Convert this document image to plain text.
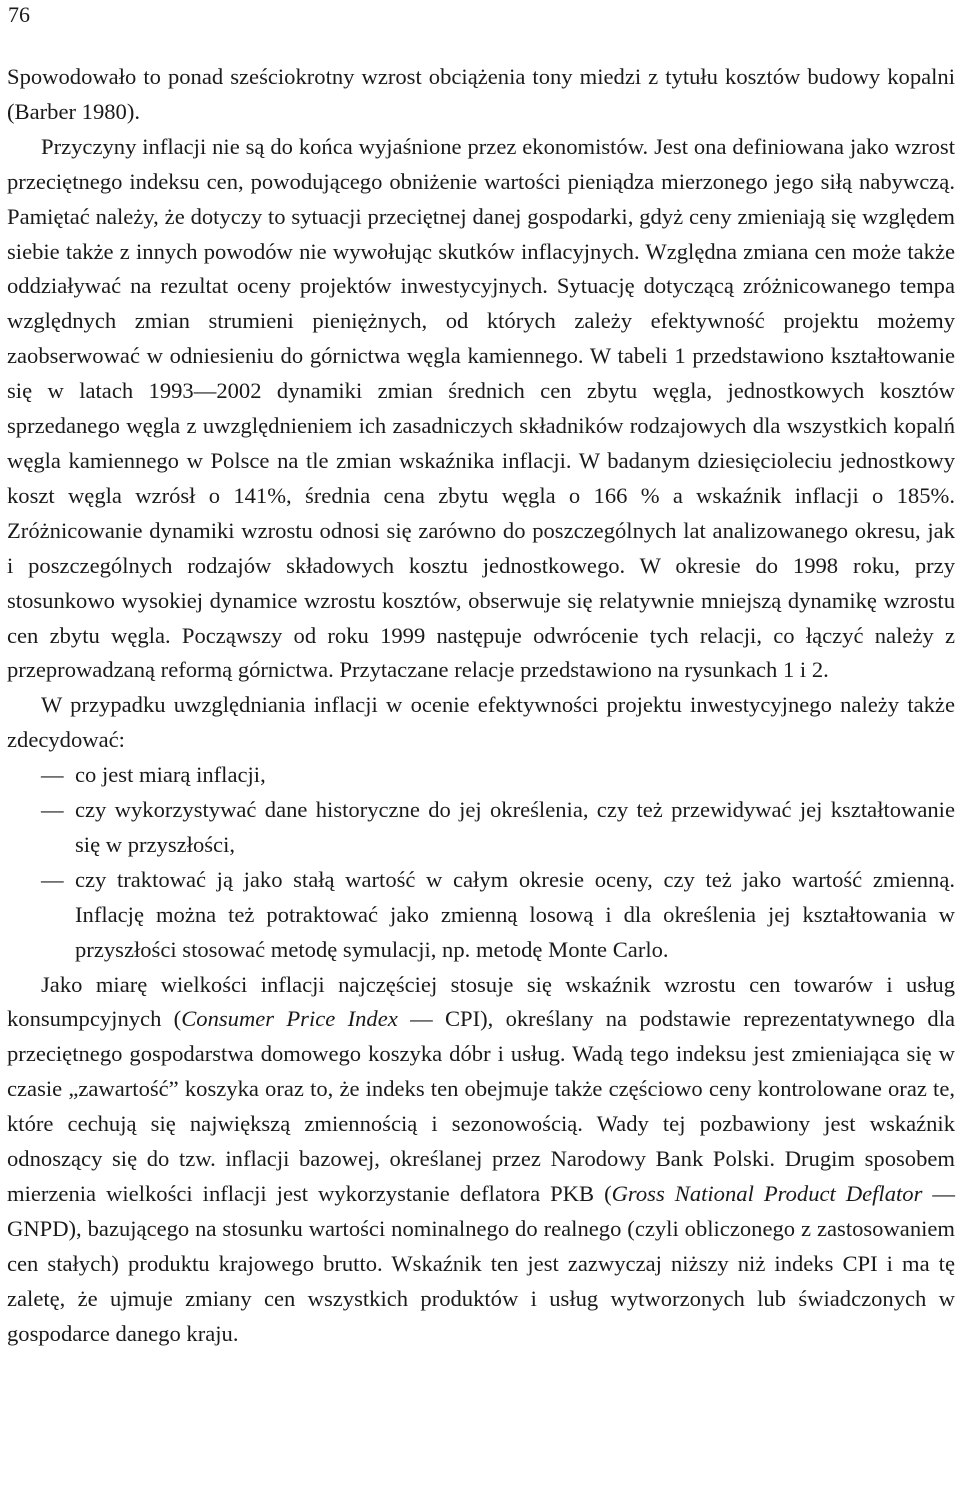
76

Spowodowało to ponad sześciokrotny wzrost obciążenia tony miedzi z tytułu kosztów budowy kopalni (Barber 1980).

Przyczyny inflacji nie są do końca wyjaśnione przez ekonomistów. Jest ona definiowana jako wzrost przeciętnego indeksu cen, powodującego obniżenie wartości pieniądza mierzonego jego siłą nabywczą. Pamiętać należy, że dotyczy to sytuacji przeciętnej danej gospodarki, gdyż ceny zmieniają się względem siebie także z innych powodów nie wywołując skutków inflacyjnych. Względna zmiana cen może także oddziaływać na rezultat oceny projektów inwestycyjnych. Sytuację dotyczącą zróżnicowanego tempa względnych zmian strumieni pieniężnych, od których zależy efektywność projektu możemy zaobserwować w odniesieniu do górnictwa węgla kamiennego. W tabeli 1 przedstawiono kształtowanie się w latach 1993—2002 dynamiki zmian średnich cen zbytu węgla, jednostkowych kosztów sprzedanego węgla z uwzględnieniem ich zasadniczych składników rodzajowych dla wszystkich kopalń węgla kamiennego w Polsce na tle zmian wskaźnika inflacji. W badanym dziesięcioleciu jednostkowy koszt węgla wzrósł o 141%, średnia cena zbytu węgla o 166 % a wskaźnik inflacji o 185%. Zróżnicowanie dynamiki wzrostu odnosi się zarówno do poszczególnych lat analizowanego okresu, jak i poszczególnych rodzajów składowych kosztu jednostkowego. W okresie do 1998 roku, przy stosunkowo wysokiej dynamice wzrostu kosztów, obserwuje się relatywnie mniejszą dynamikę wzrostu cen zbytu węgla. Począwszy od roku 1999 następuje odwrócenie tych relacji, co łączyć należy z przeprowadzaną reformą górnictwa. Przytaczane relacje przedstawiono na rysunkach 1 i 2.

W przypadku uwzględniania inflacji w ocenie efektywności projektu inwestycyjnego należy także zdecydować:

— co jest miarą inflacji,
— czy wykorzystywać dane historyczne do jej określenia, czy też przewidywać jej kształtowanie się w przyszłości,
— czy traktować ją jako stałą wartość w całym okresie oceny, czy też jako wartość zmienną. Inflację można też potraktować jako zmienną losową i dla określenia jej kształtowania w przyszłości stosować metodę symulacji, np. metodę Monte Carlo.

Jako miarę wielkości inflacji najczęściej stosuje się wskaźnik wzrostu cen towarów i usług konsumpcyjnych (Consumer Price Index — CPI), określany na podstawie reprezentatywnego dla przeciętnego gospodarstwa domowego koszyka dóbr i usług. Wadą tego indeksu jest zmieniająca się w czasie „zawartość” koszyka oraz to, że indeks ten obejmuje także częściowo ceny kontrolowane oraz te, które cechują się największą zmiennością i sezonowością. Wady tej pozbawiony jest wskaźnik odnoszący się do tzw. inflacji bazowej, określanej przez Narodowy Bank Polski. Drugim sposobem mierzenia wielkości inflacji jest wykorzystanie deflatora PKB (Gross National Product Deflator — GNPD), bazującego na stosunku wartości nominalnego do realnego (czyli obliczonego z zastosowaniem cen stałych) produktu krajowego brutto. Wskaźnik ten jest zazwyczaj niższy niż indeks CPI i ma tę zaletę, że ujmuje zmiany cen wszystkich produktów i usług wytworzonych lub świadczonych w gospodarce danego kraju.
